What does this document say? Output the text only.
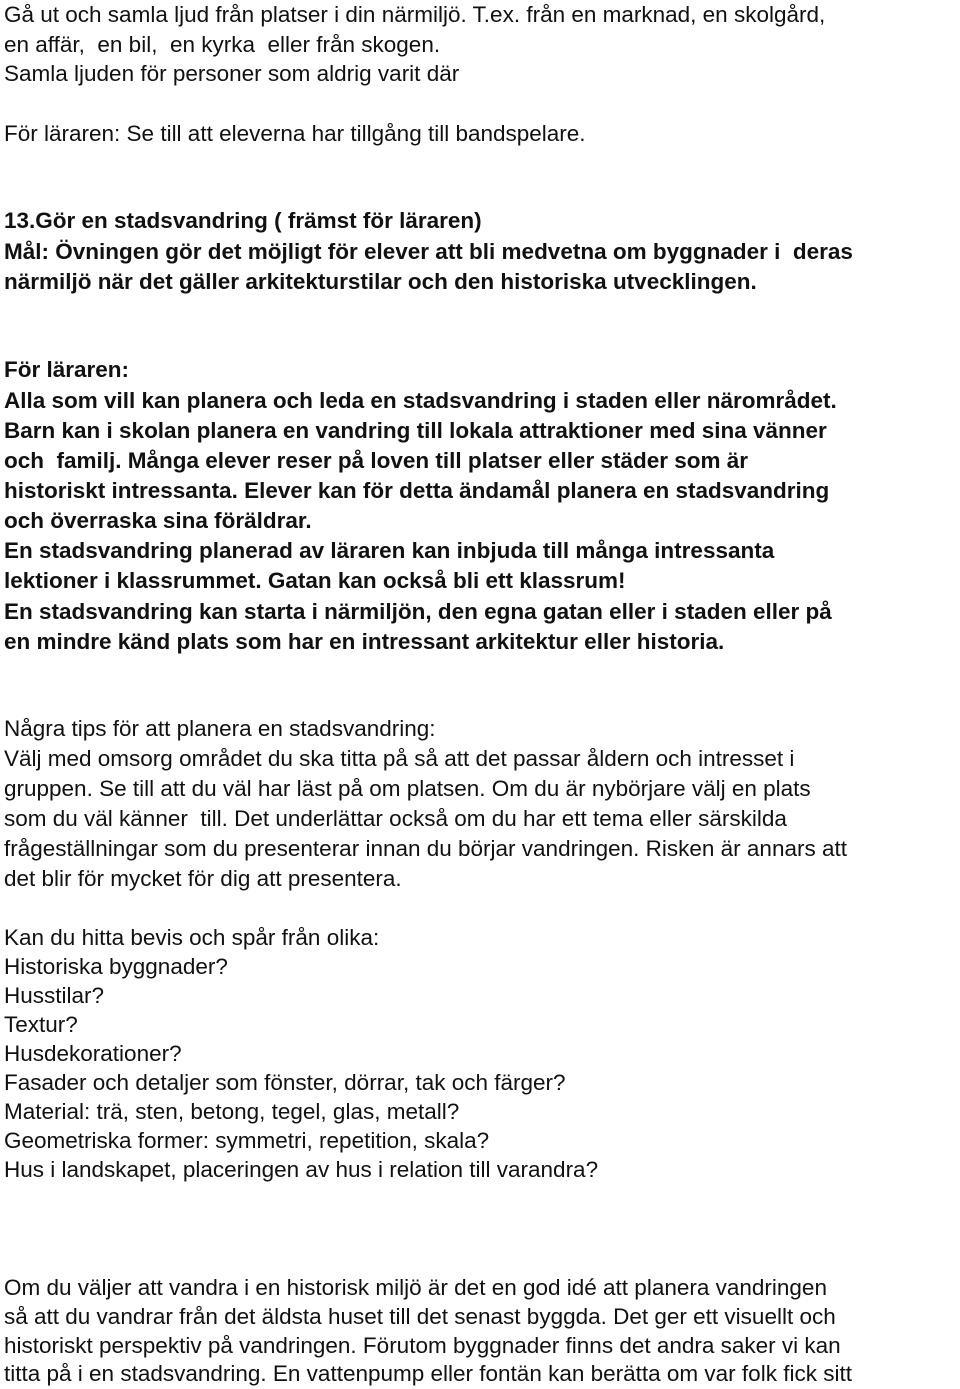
Gå ut och samla ljud från platser i din närmiljö. T.ex. från en marknad, en skolgård,
en affär,  en bil,  en kyrka  eller från skogen.
Samla ljuden för personer som aldrig varit där
För läraren: Se till att eleverna har tillgång till bandspelare.
13.Gör en stadsvandring ( främst för läraren)
Mål: Övningen gör det möjligt för elever att bli medvetna om byggnader i  deras
närmiljö när det gäller arkitekturstilar och den historiska utvecklingen.
För läraren:
Alla som vill kan planera och leda en stadsvandring i staden eller närområdet.
Barn kan i skolan planera en vandring till lokala attraktioner med sina vänner
och  familj. Många elever reser på loven till platser eller städer som är
historiskt intressanta. Elever kan för detta ändamål planera en stadsvandring
och överraska sina föräldrar.
En stadsvandring planerad av läraren kan inbjuda till många intressanta
lektioner i klassrummet. Gatan kan också bli ett klassrum!
En stadsvandring kan starta i närmiljön, den egna gatan eller i staden eller på
en mindre känd plats som har en intressant arkitektur eller historia.
Några tips för att planera en stadsvandring:
Välj med omsorg området du ska titta på så att det passar åldern och intresset i
gruppen. Se till att du väl har läst på om platsen. Om du är nybörjare välj en plats
som du väl känner  till. Det underlättar också om du har ett tema eller särskilda
frågeställningar som du presenterar innan du börjar vandringen. Risken är annars att
det blir för mycket för dig att presentera.
Kan du hitta bevis och spår från olika:
Historiska byggnader?
Husstilar?
Textur?
Husdekorationer?
Fasader och detaljer som fönster, dörrar, tak och färger?
Material: trä, sten, betong, tegel, glas, metall?
Geometriska former: symmetri, repetition, skala?
Hus i landskapet, placeringen av hus i relation till varandra?
Om du väljer att vandra i en historisk miljö är det en god idé att planera vandringen
så att du vandrar från det äldsta huset till det senast byggda. Det ger ett visuellt och
historiskt perspektiv på vandringen. Förutom byggnader finns det andra saker vi kan
titta på i en stadsvandring. En vattenpump eller fontän kan berätta om var folk fick sitt
